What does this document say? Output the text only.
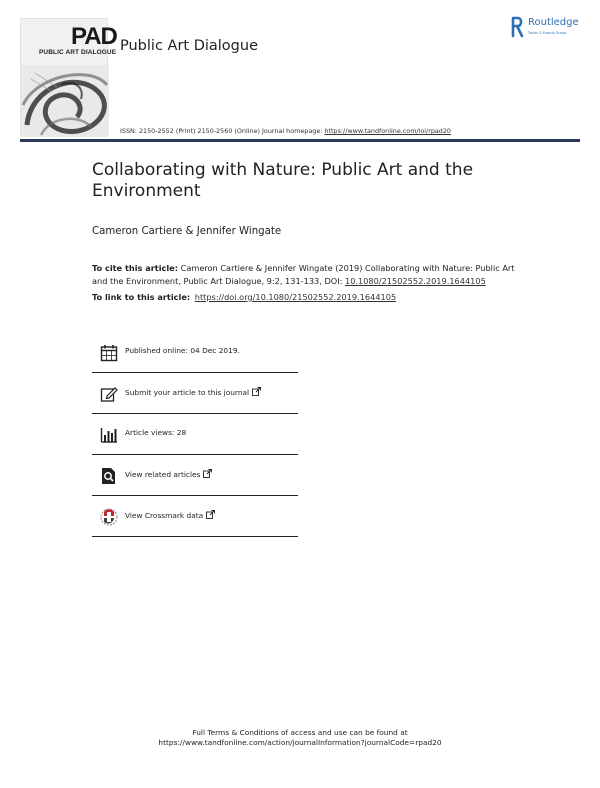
PAD
PUBLIC ART DIALOGUE Public Art Dialogue
Routledge
Taylor & Francis Group
ISSN: 2150-2552 (Print) 2150-2560 (Online) Journal homepage: https://www.tandfonline.com/loi/rpad20
Collaborating with Nature: Public Art and the Environment
Cameron Cartiere & Jennifer Wingate
To cite this article: Cameron Cartiere & Jennifer Wingate (2019) Collaborating with Nature: Public Art and the Environment, Public Art Dialogue, 9:2, 131-133, DOI: 10.1080/21502552.2019.1644105
To link to this article: https://doi.org/10.1080/21502552.2019.1644105
Published online: 04 Dec 2019.
Submit your article to this journal
Article views: 28
View related articles
View Crossmark data
Full Terms & Conditions of access and use can be found at
https://www.tandfonline.com/action/journalInformation?journalCode=rpad20
